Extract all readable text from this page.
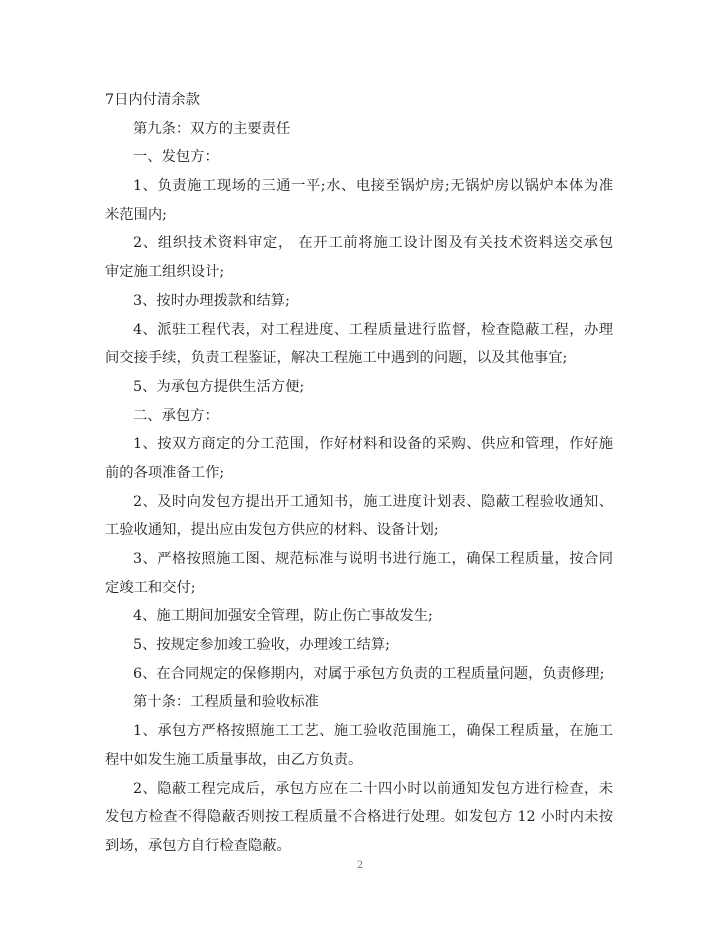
7日内付清余款
第九条：双方的主要责任
一、发包方：
1、负责施工现场的三通一平;水、电接至锅炉房;无锅炉房以锅炉本体为准
米范围内;
2、组织技术资料审定， 在开工前将施工设计图及有关技术资料送交承包
审定施工组织设计;
3、按时办理拨款和结算;
4、派驻工程代表，对工程进度、工程质量进行监督，检查隐蔽工程，办理
间交接手续，负责工程鉴证，解决工程施工中遇到的问题，以及其他事宜;
5、为承包方提供生活方便;
二、承包方：
1、按双方商定的分工范围，作好材料和设备的采购、供应和管理，作好施
前的各项准备工作;
2、及时向发包方提出开工通知书，施工进度计划表、隐蔽工程验收通知、
工验收通知，提出应由发包方供应的材料、设备计划;
3、严格按照施工图、规范标准与说明书进行施工，确保工程质量，按合同
定竣工和交付;
4、施工期间加强安全管理，防止伤亡事故发生;
5、按规定参加竣工验收，办理竣工结算;
6、在合同规定的保修期内，对属于承包方负责的工程质量问题，负责修理;
第十条：工程质量和验收标准
1、承包方严格按照施工工艺、施工验收范围施工，确保工程质量，在施工
程中如发生施工质量事故，由乙方负责。
2、隐蔽工程完成后，承包方应在二十四小时以前通知发包方进行检查，未
发包方检查不得隐蔽否则按工程质量不合格进行处理。如发包方 12 小时内未按
到场，承包方自行检查隐蔽。
2
